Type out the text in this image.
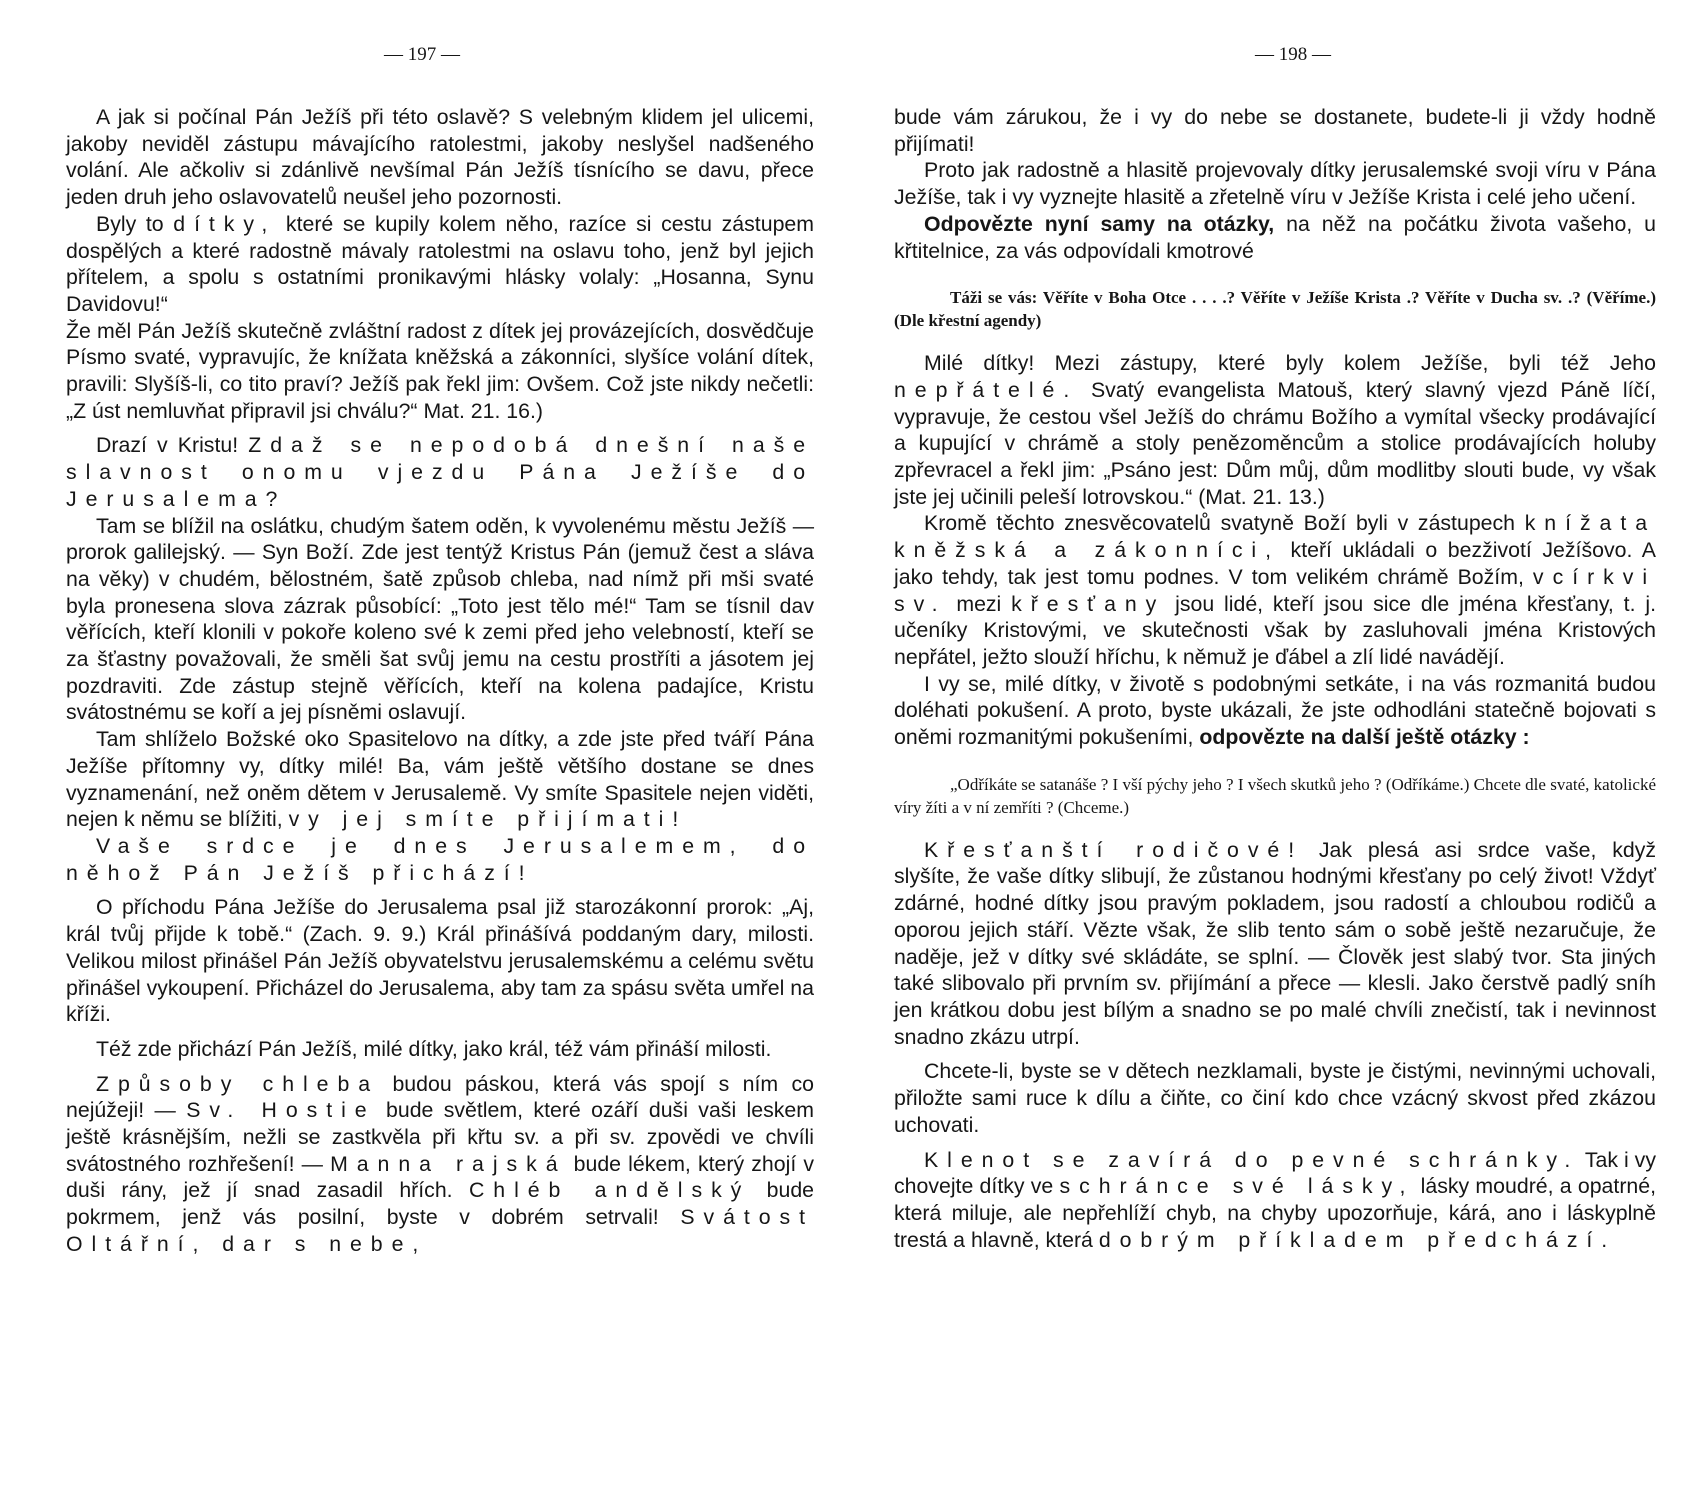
— 197 —

A jak si počínal Pán Ježíš při této oslavě? S velebným klidem jel ulicemi, jakoby neviděl zástupu mávajícího ratolestmi, jakoby neslyšel nadšeného volání. Ale ačkoliv si zdánlivě nevšímal Pán Ježíš tísnícího se davu, přece jeden druh jeho oslavovatelů neušel jeho pozornosti.

Byly to dítky, které se kupily kolem něho, razíce si cestu zástupem dospělých a které radostně mávaly ratolestmi na oslavu toho, jenž byl jejich přítelem, a spolu s ostatními pronikavými hlásky volaly: „Hosanna, Synu Davidovu!“

Že měl Pán Ježíš skutečně zvláštní radost z dítek jej provázejících, dosvědčuje Písmo svaté, vypravujíc, že knížata kněžská a zákonníci, slyšíce volání dítek, pravili: Slyšíš-li, co tito praví? Ježíš pak řekl jim: Ovšem. Což jste nikdy nečetli: „Z úst nemluvňat připravil jsi chválu?“ Mat. 21. 16.)

Drazí v Kristu! Zdaž se nepodobá dnešní naše slavnost onomu vjezdu Pána Ježíše do Jerusalema?

Tam se blížil na oslátku, chudým šatem oděn, k vyvolenému městu Ježíš — prorok galilejský. — Syn Boží. Zde jest tentýž Kristus Pán (jemuž čest a sláva na věky) v chudém, bělostném, šatě způsob chleba, nad nímž při mši svaté byla pronesena slova zázrak působící: „Toto jest tělo mé!“ Tam se tísnil dav věřících, kteří klonili v pokoře koleno své k zemi před jeho velebností, kteří se za šťastny považovali, že směli šat svůj jemu na cestu prostříti a jásotem jej pozdraviti. Zde zástup stejně věřících, kteří na kolena padajíce, Kristu svátostnému se koří a jej písněmi oslavují.

Tam shlíželo Božské oko Spasitelovo na dítky, a zde jste před tváří Pána Ježíše přítomny vy, dítky milé! Ba, vám ještě většího dostane se dnes vyznamenání, než oněm dětem v Jerusalemě. Vy smíte Spasitele nejen viděti, nejen k němu se blížiti, vy jej smíte přijímati!

Vaše srdce je dnes Jerusalemem, do něhož Pán Ježíš přichází!

O příchodu Pána Ježíše do Jerusalema psal již starozákonní prorok: „Aj, král tvůj přijde k tobě.“ (Zach. 9. 9.) Král přinášívá poddaným dary, milosti. Velikou milost přinášel Pán Ježíš obyvatelstvu jerusalemskému a celému světu přinášel vykoupení. Přicházel do Jerusalema, aby tam za spásu světa umřel na kříži.

Též zde přichází Pán Ježíš, milé dítky, jako král, též vám přináší milosti.

Způsoby chleba budou páskou, která vás spojí s ním co nejúžeji! — Sv. Hostie bude světlem, které ozáří duši vaši leskem ještě krásnějším, nežli se zastkvěla při křtu sv. a při sv. zpovědi ve chvíli svátostného rozhřešení! — Manna rajská bude lékem, který zhojí v duši rány, jež jí snad zasadil hřích. Chléb andělský bude pokrmem, jenž vás posilní, byste v dobrém setrvali! Svátost Oltářní, dar s nebe,

— 198 —

bude vám zárukou, že i vy do nebe se dostanete, budete-li ji vždy hodně přijímati!

Proto jak radostně a hlasitě projevovaly dítky jerusalemské svoji víru v Pána Ježíše, tak i vy vyznejte hlasitě a zřetelně víru v Ježíše Krista i celé jeho učení.

Odpovězte nyní samy na otázky, na něž na počátku života vašeho, u křtitelnice, za vás odpovídali kmotrové

Táži se vás: Věříte v Boha Otce . . . .? Věříte v Ježíše Krista .? Věříte v Ducha sv. .? (Věříme.) (Dle křestní agendy)

Milé dítky! Mezi zástupy, které byly kolem Ježíše, byli též Jeho nepřátelé. Svatý evangelista Matouš, který slavný vjezd Páně líčí, vypravuje, že cestou všel Ježíš do chrámu Božího a vymítal všecky prodávající a kupující v chrámě a stoly penězoměncům a stolice prodávajících holuby zpřevracel a řekl jim: „Psáno jest: Dům můj, dům modlitby slouti bude, vy však jste jej učinili peleší lotrovskou.“ (Mat. 21. 13.)

Kromě těchto znesvěcovatelů svatyně Boží byli v zástupech knížata kněžská a zákonníci, kteří ukládali o bezživotí Ježíšovo. A jako tehdy, tak jest tomu podnes. V tom velikém chrámě Božím, v církvi sv. mezi křesťany jsou lidé, kteří jsou sice dle jména křesťany, t. j. učeníky Kristovými, ve skutečnosti však by zasluhovali jména Kristových nepřátel, ježto slouží hříchu, k němuž je ďábel a zlí lidé navádějí.

I vy se, milé dítky, v životě s podobnými setkáte, i na vás rozmanitá budou doléhati pokušení. A proto, byste ukázali, že jste odhodláni statečně bojovati s oněmi rozmanitými pokušeními, odpovězte na další ještě otázky :

„Odříkáte se satanáše ? I vší pýchy jeho ? I všech skutků jeho ? (Odříkáme.) Chcete dle svaté, katolické víry žíti a v ní zemříti ? (Chceme.)

Křesťanští rodičové! Jak plesá asi srdce vaše, když slyšíte, že vaše dítky slibují, že zůstanou hodnými křesťany po celý život! Vždyť zdárné, hodné dítky jsou pravým pokladem, jsou radostí a chloubou rodičů a oporou jejich stáří. Vězte však, že slib tento sám o sobě ještě nezaručuje, že naděje, jež v dítky své skládáte, se splní. — Člověk jest slabý tvor. Sta jiných také slibovalo při prvním sv. přijímání a přece — klesli. Jako čerstvě padlý sníh jen krátkou dobu jest bílým a snadno se po malé chvíli znečistí, tak i nevinnost snadno zkázu utrpí.

Chcete-li, byste se v dětech nezklamali, byste je čistými, nevinnými uchovali, přiložte sami ruce k dílu a čiňte, co činí kdo chce vzácný skvost před zkázou uchovati.

Klenot se zavírá do pevné schránky. Tak i vy chovejte dítky ve schránce své lásky, lásky moudré, a opatrné, která miluje, ale nepřehlíží chyb, na chyby upozorňuje, kárá, ano i láskyplně trestá a hlavně, která dobrým příkladem předchází.
